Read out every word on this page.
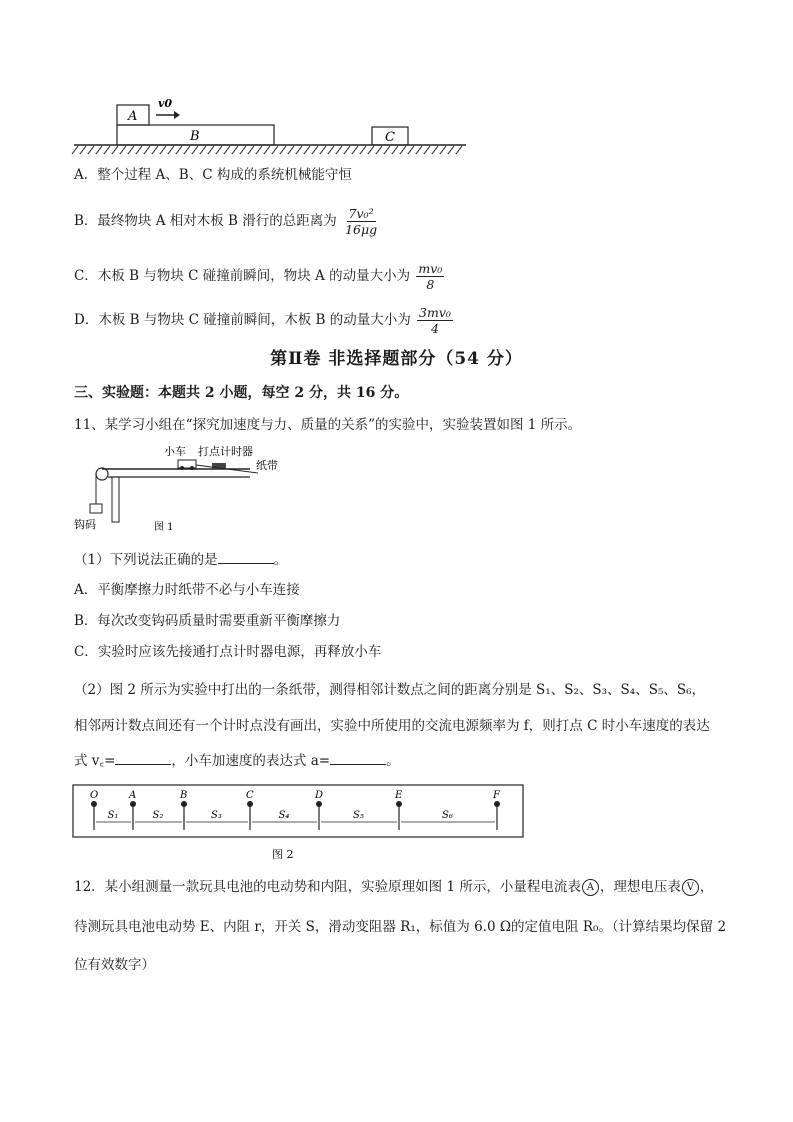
A
v0
B	C
A．整个过程 A、B、C 构成的系统机械能守恒
B．最终物块 A 相对木板 B 滑行的总距离为 $\frac{\text{7v₀²}}{16\mu g}$
C．木板 B 与物块 C 碰撞前瞬间，物块 A 的动量大小为 $\frac{\text{mv₀}}{8}$
D．木板 B 与物块 C 碰撞前瞬间，木板 B 的动量大小为 $\frac{\text{3mv₀}}{4}$
第Ⅱ卷 非选择题部分（54 分）
三、实验题：本题共 2 小题，每空 2 分，共 16 分。
11、某学习小组在“探究加速度与力、质量的关系”的实验中，实验装置如图 1 所示。
小车 打点计时器
纸带
钩码	图 1
（1）下列说法正确的是	。
A．平衡摩擦力时纸带不必与小车连接
B．每次改变钩码质量时需要重新平衡摩擦力
C．实验时应该先接通打点计时器电源，再释放小车
（2）图 2 所示为实验中打出的一条纸带，测得相邻计数点之间的距离分别是 S₁、S₂、S₃、S₄、S₅、S₆，
相邻两计数点间还有一个计时点没有画出，实验中所使用的交流电源频率为 f，则打点 C 时小车速度的表达
式 v꜀=	，小车加速度的表达式 a=	。
O	A	B	C	D	E	F
S₁	S₂	S₃	S₄	S₅	S₆
图 2
12．某小组测量一款玩具电池的电动势和内阻，实验原理如图 1 所示，小量程电流表 A ，理想电压表 V ，
待测玩具电池电动势 E、内阻 r，开关 S，滑动变阻器 R₁，标值为 6.0 Ω的定值电阻 R₀。（计算结果均保留 2
位有效数字）
